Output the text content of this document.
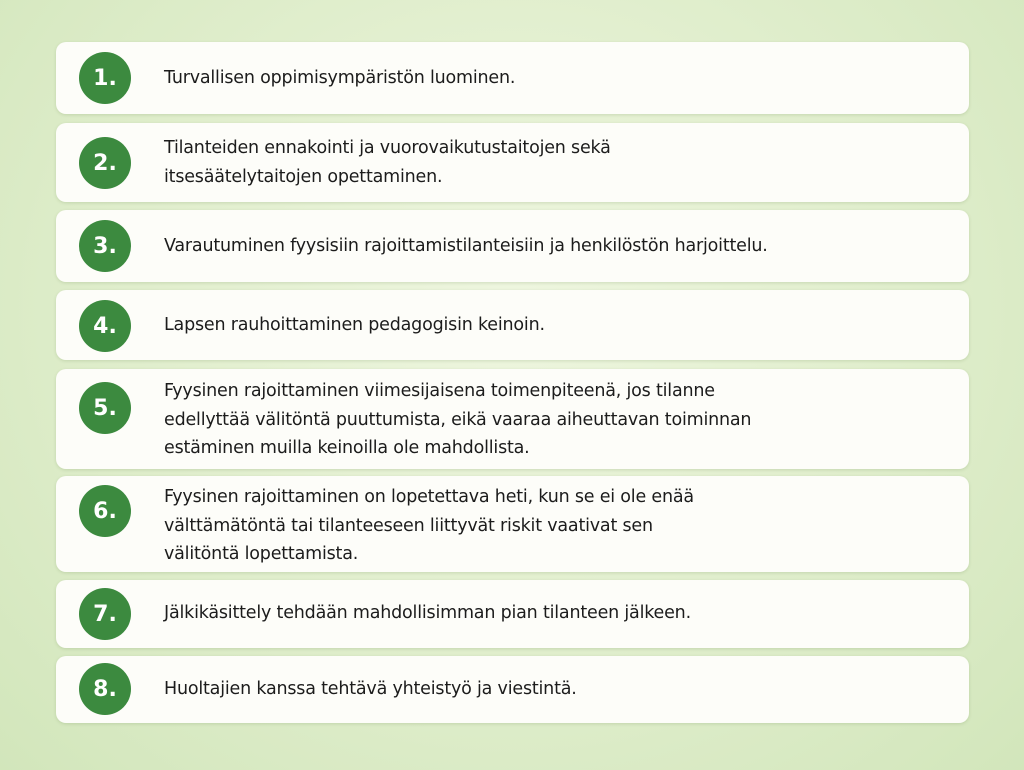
1.	Turvallisen oppimisympäristön luominen.
2.
Tilanteiden ennakointi ja vuorovaikutustaitojen sekä
itsesäätelytaitojen opettaminen.
3.	Varautuminen fyysisiin rajoittamistilanteisiin ja henkilöstön harjoittelu.
4.	Lapsen rauhoittaminen pedagogisin keinoin.
5.
Fyysinen rajoittaminen viimesijaisena toimenpiteenä, jos tilanne
edellyttää välitöntä puuttumista, eikä vaaraa aiheuttavan toiminnan
estäminen muilla keinoilla ole mahdollista.
6.
Fyysinen rajoittaminen on lopetettava heti, kun se ei ole enää
välttämätöntä tai tilanteeseen liittyvät riskit vaativat sen
välitöntä lopettamista.
7.	Jälkikäsittely tehdään mahdollisimman pian tilanteen jälkeen.
8.	Huoltajien kanssa tehtävä yhteistyö ja viestintä.
